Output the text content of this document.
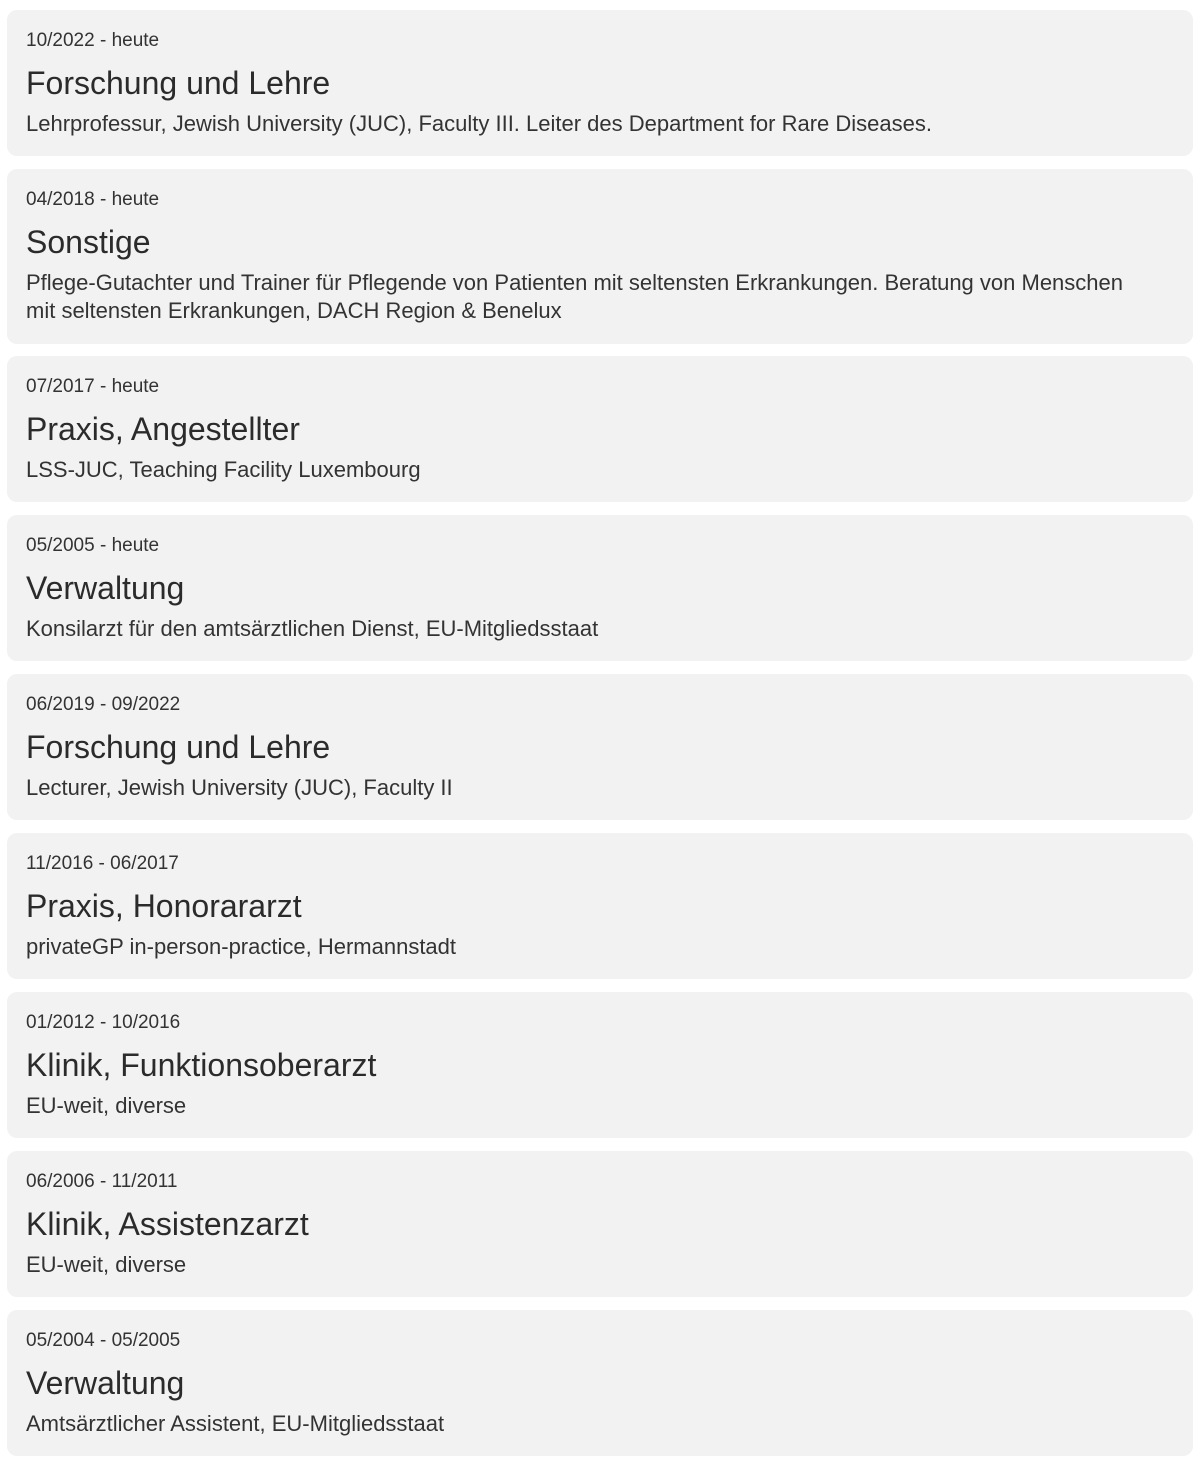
10/2022 - heute
Forschung und Lehre
Lehrprofessur, Jewish University (JUC), Faculty III. Leiter des Department for Rare Diseases.
04/2018 - heute
Sonstige
Pflege-Gutachter und Trainer für Pflegende von Patienten mit seltensten Erkrankungen. Beratung von Menschen mit seltensten Erkrankungen, DACH Region & Benelux
07/2017 - heute
Praxis, Angestellter
LSS-JUC, Teaching Facility Luxembourg
05/2005 - heute
Verwaltung
Konsilarzt für den amtsärztlichen Dienst, EU-Mitgliedsstaat
06/2019 - 09/2022
Forschung und Lehre
Lecturer, Jewish University (JUC), Faculty II
11/2016 - 06/2017
Praxis, Honorararzt
privateGP in-person-practice, Hermannstadt
01/2012 - 10/2016
Klinik, Funktionsoberarzt
EU-weit, diverse
06/2006 - 11/2011
Klinik, Assistenzarzt
EU-weit, diverse
05/2004 - 05/2005
Verwaltung
Amtsärztlicher Assistent, EU-Mitgliedsstaat
